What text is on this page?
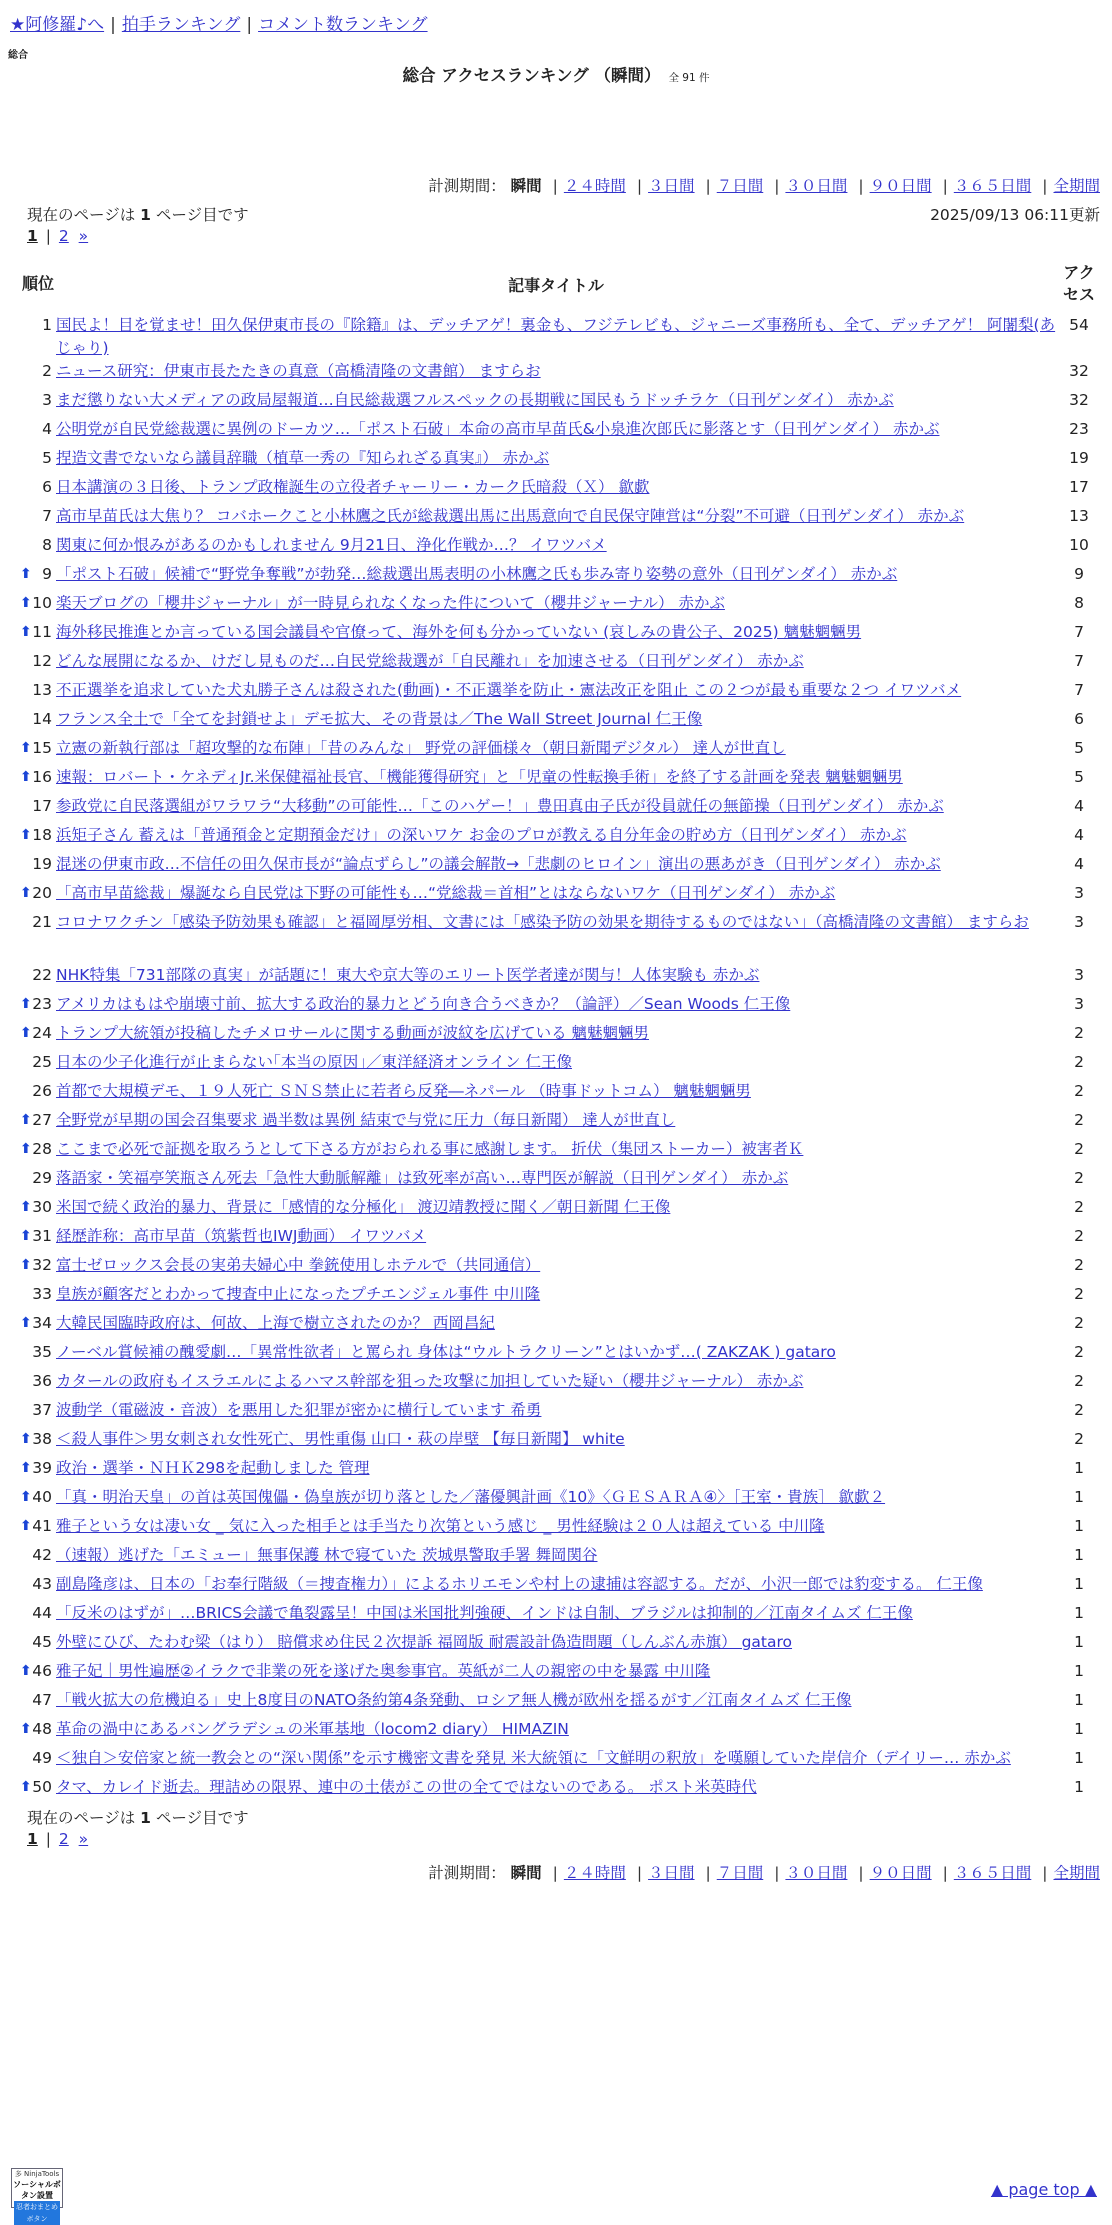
★阿修羅♪へ | 拍手ランキング | コメント数ランキング
総合
総合 アクセスランキング （瞬間） 全 91 件
計測期間： 瞬間 | ２４時間 | ３日間 | ７日間 | ３０日間 | ９０日間 | ３６５日間 | 全期間
現在のページは 1 ページ目です	2025/09/13 06:11更新
1 | 2 »
順位	記事タイトル	アクセス
1	国民よ！目を覚ませ！田久保伊東市長の『除籍』は、デッチアゲ！裏金も、フジテレビも、ジャニーズ事務所も、全て、デッチアゲ！ 阿闍梨(あじゃり)	54
2	ニュース研究：伊東市長たたきの真意（高橋清隆の文書館） ますらお	32
3	まだ懲りない大メディアの政局屋報道…自民総裁選フルスペックの長期戦に国民もうドッチラケ（日刊ゲンダイ） 赤かぶ	32
4	公明党が自民党総裁選に異例のドーカツ…「ポスト石破」本命の高市早苗氏&小泉進次郎氏に影落とす（日刊ゲンダイ） 赤かぶ	23
5	捏造文書でないなら議員辞職（植草一秀の『知られざる真実』） 赤かぶ	19
6	日本講演の３日後、トランプ政権誕生の立役者チャーリー・カーク氏暗殺（Ｘ） 歙歔	17
7	高市早苗氏は大焦り？ コバホークこと小林鷹之氏が総裁選出馬に出馬意向で自民保守陣営は“分裂”不可避（日刊ゲンダイ） 赤かぶ	13
8	関東に何か恨みがあるのかもしれません 9月21日、浄化作戦か…？ イワツバメ	10

⬆ 9	「ポスト石破」候補で“野党争奪戦”が勃発…総裁選出馬表明の小林鷹之氏も歩み寄り姿勢の意外（日刊ゲンダイ） 赤かぶ	9

⬆ 10	楽天ブログの「櫻井ジャーナル」が一時見られなくなった件について（櫻井ジャーナル） 赤かぶ	8

⬆ 11	海外移民推進とか言っている国会議員や官僚って、海外を何も分かっていない (哀しみの貴公子、2025) 魑魅魍魎男	7
12	どんな展開になるか、けだし見ものだ…自民党総裁選が「自民離れ」を加速させる（日刊ゲンダイ） 赤かぶ	7
13	不正選挙を追求していた犬丸勝子さんは殺された(動画)・不正選挙を防止・憲法改正を阻止 この２つが最も重要な２つ イワツバメ	7
14	フランス全土で「全てを封鎖せよ」デモ拡大、その背景は／The Wall Street Journal 仁王像	6

⬆ 15	立憲の新執行部は「超攻撃的な布陣」「昔のみんな」 野党の評価様々（朝日新聞デジタル） 達人が世直し	5

⬆ 16	速報：ロバート・ケネディJr.米保健福祉長官、「機能獲得研究」と「児童の性転換手術」を終了する計画を発表 魑魅魍魎男	5
17	参政党に自民落選組がワラワラ“大移動”の可能性…「このハゲー！」豊田真由子氏が役員就任の無節操（日刊ゲンダイ） 赤かぶ	4

⬆ 18	浜矩子さん 蓄えは「普通預金と定期預金だけ」の深いワケ お金のプロが教える自分年金の貯め方（日刊ゲンダイ） 赤かぶ	4
19	混迷の伊東市政…不信任の田久保市長が“論点ずらし”の議会解散→「悲劇のヒロイン」演出の悪あがき（日刊ゲンダイ） 赤かぶ	4

⬆ 20	「高市早苗総裁」爆誕なら自民党は下野の可能性も…“党総裁＝首相”とはならないワケ（日刊ゲンダイ） 赤かぶ	3
21	コロナワクチン「感染予防効果も確認」と福岡厚労相、文書には「感染予防の効果を期待するものではない」（高橋清隆の文書館） ますらお	3
22	NHK特集「731部隊の真実」が話題に！東大や京大等のエリート医学者達が関与！人体実験も 赤かぶ	3

⬆ 23	アメリカはもはや崩壊寸前、拡大する政治的暴力とどう向き合うべきか？（論評）／Sean Woods 仁王像	3

⬆ 24	トランプ大統領が投稿したチメロサールに関する動画が波紋を広げている 魑魅魍魎男	2
25	日本の少子化進行が止まらない｢本当の原因｣／東洋経済オンライン 仁王像	2
26	首都で大規模デモ、１９人死亡 ＳＮＳ禁止に若者ら反発―ネパール （時事ドットコム） 魑魅魍魎男	2

⬆ 27	全野党が早期の国会召集要求 過半数は異例 結束で与党に圧力（毎日新聞） 達人が世直し	2

⬆ 28	ここまで必死で証拠を取ろうとして下さる方がおられる事に感謝します。 折伏（集団ストーカー）被害者Ｋ	2
29	落語家・笑福亭笑瓶さん死去「急性大動脈解離」は致死率が高い…専門医が解説（日刊ゲンダイ） 赤かぶ	2

⬆ 30	米国で続く政治的暴力、背景に「感情的な分極化」 渡辺靖教授に聞く／朝日新聞 仁王像	2

⬆ 31	経歴詐称：高市早苗（筑紫哲也IWJ動画） イワツバメ	2

⬆ 32	富士ゼロックス会長の実弟夫婦心中 拳銃使用しホテルで（共同通信）	2
33	皇族が顧客だとわかって捜査中止になったプチエンジェル事件 中川隆	2

⬆ 34	大韓民国臨時政府は、何故、上海で樹立されたのか？ 西岡昌紀	2
35	ノーベル賞候補の醜愛劇…「異常性欲者」と罵られ 身体は“ウルトラクリーン”とはいかず…( ZAKZAK ) gataro	2
36	カタールの政府もイスラエルによるハマス幹部を狙った攻撃に加担していた疑い（櫻井ジャーナル） 赤かぶ	2
37	波動学（電磁波・音波）を悪用した犯罪が密かに横行しています 希勇	2

⬆ 38	＜殺人事件＞男女刺され女性死亡、男性重傷 山口・萩の岸壁 【毎日新聞】 white	2

⬆ 39	政治・選挙・ＮＨＫ298を起動しました 管理	1

⬆ 40	「真・明治天皇」の首は英国傀儡・偽皇族が切り落とした／藩優興計画《10》〈ＧＥＳＡＲＡ④〉［王室・貴族］ 歙歔２	1

⬆ 41	雅子という女は凄い女 _ 気に入った相手とは手当たり次第という感じ _ 男性経験は２０人は超えている 中川隆	1
42	（速報）逃げた「エミュー」無事保護 林で寝ていた 茨城県警取手署 舞岡関谷	1
43	副島隆彦は、日本の「お奉行階級（＝捜査権力）」によるホリエモンや村上の逮捕は容認する。だが、小沢一郎では豹変する。 仁王像	1
44	「反米のはずが」…BRICS会議で亀裂露呈！中国は米国批判強硬、インドは自制、ブラジルは抑制的／江南タイムズ 仁王像	1
45	外壁にひび、たわむ梁（はり） 賠償求め住民２次提訴 福岡版 耐震設計偽造問題（しんぶん赤旗） gataro	1

⬆ 46	雅子妃｜男性遍歴②イラクで非業の死を遂げた奥参事官。英紙が二人の親密の中を暴露 中川隆	1
47	「戦火拡大の危機迫る」史上8度目のNATO条約第4条発動、ロシア無人機が欧州を揺るがす／江南タイムズ 仁王像	1

⬆ 48	革命の渦中にあるバングラデシュの米軍基地（locom2 diary） HIMAZIN	1
49	＜独自＞安倍家と統一教会との“深い関係”を示す機密文書を発見 米大統領に「文鮮明の釈放」を嘆願していた岸信介（デイリー… 赤かぶ	1

⬆ 50	タマ、カレイド逝去。理詰めの限界、連中の土俵がこの世の全てではないのである。 ポスト米英時代	1
現在のページは 1 ページ目です
1 | 2 »
計測期間： 瞬間 | ２４時間 | ３日間 | ７日間 | ３０日間 | ９０日間 | ３６５日間 | 全期間
多 NinjaTools
ソーシャルボタン設置
忍者おまとめボタン
▲ page top ▲
